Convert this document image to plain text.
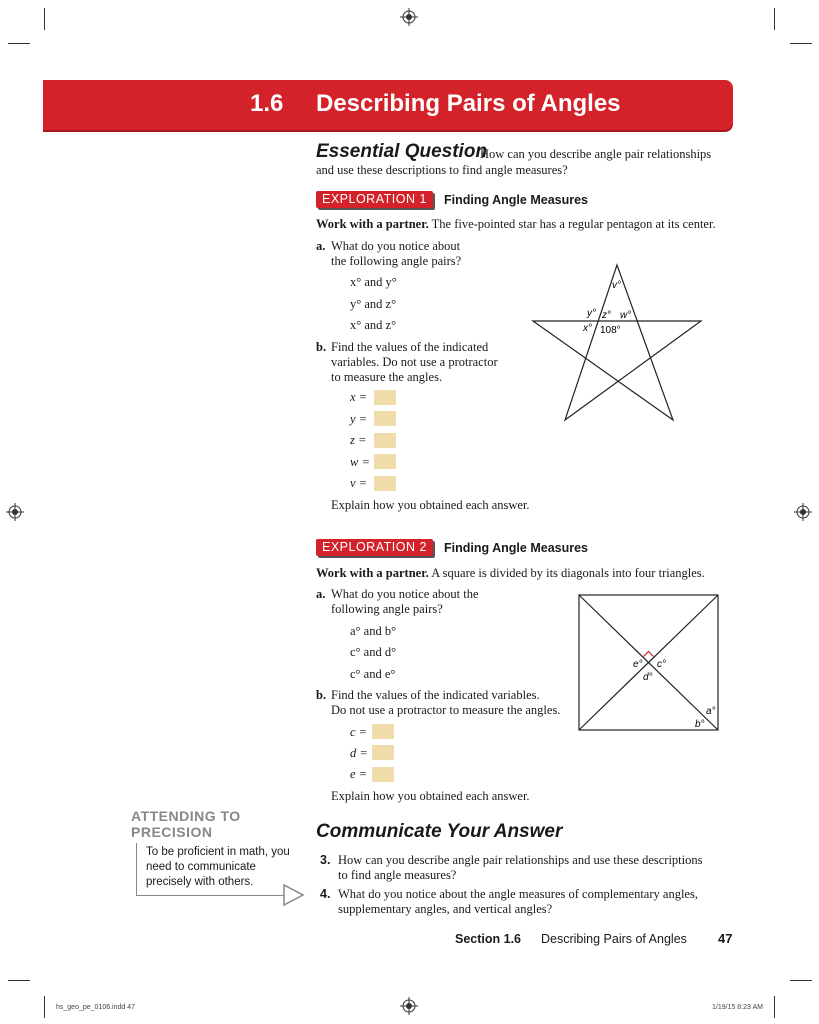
1.6 Describing Pairs of Angles
Essential Question
How can you describe angle pair relationships
and use these descriptions to find angle measures?
EXPLORATION 1	Finding Angle Measures
Work with a partner. The five-pointed star has a regular pentagon at its center.
a. What do you notice about
the following angle pairs?
x° and y°
y° and z°
x° and z°
b. Find the values of the indicated
variables. Do not use a protractor
to measure the angles.
x =
y =
z =
w =
v =
Explain how you obtained each answer.
v°
y° z° w°
x° 108°
EXPLORATION 2	Finding Angle Measures
Work with a partner. A square is divided by its diagonals into four triangles.
a. What do you notice about the
following angle pairs?
a° and b°
c° and d°
c° and e°
b. Find the values of the indicated variables.
Do not use a protractor to measure the angles.
c =
d =
e =
Explain how you obtained each answer.
e° c°
d°
a°
b°
ATTENDING TO
PRECISION
To be proficient in math, you need to communicate precisely with others.
Communicate Your Answer
3. How can you describe angle pair relationships and use these descriptions
to find angle measures?
4. What do you notice about the angle measures of complementary angles,
supplementary angles, and vertical angles?
Section 1.6 Describing Pairs of Angles 47
hs_geo_pe_0106.indd 47	1/19/15 8:23 AM
